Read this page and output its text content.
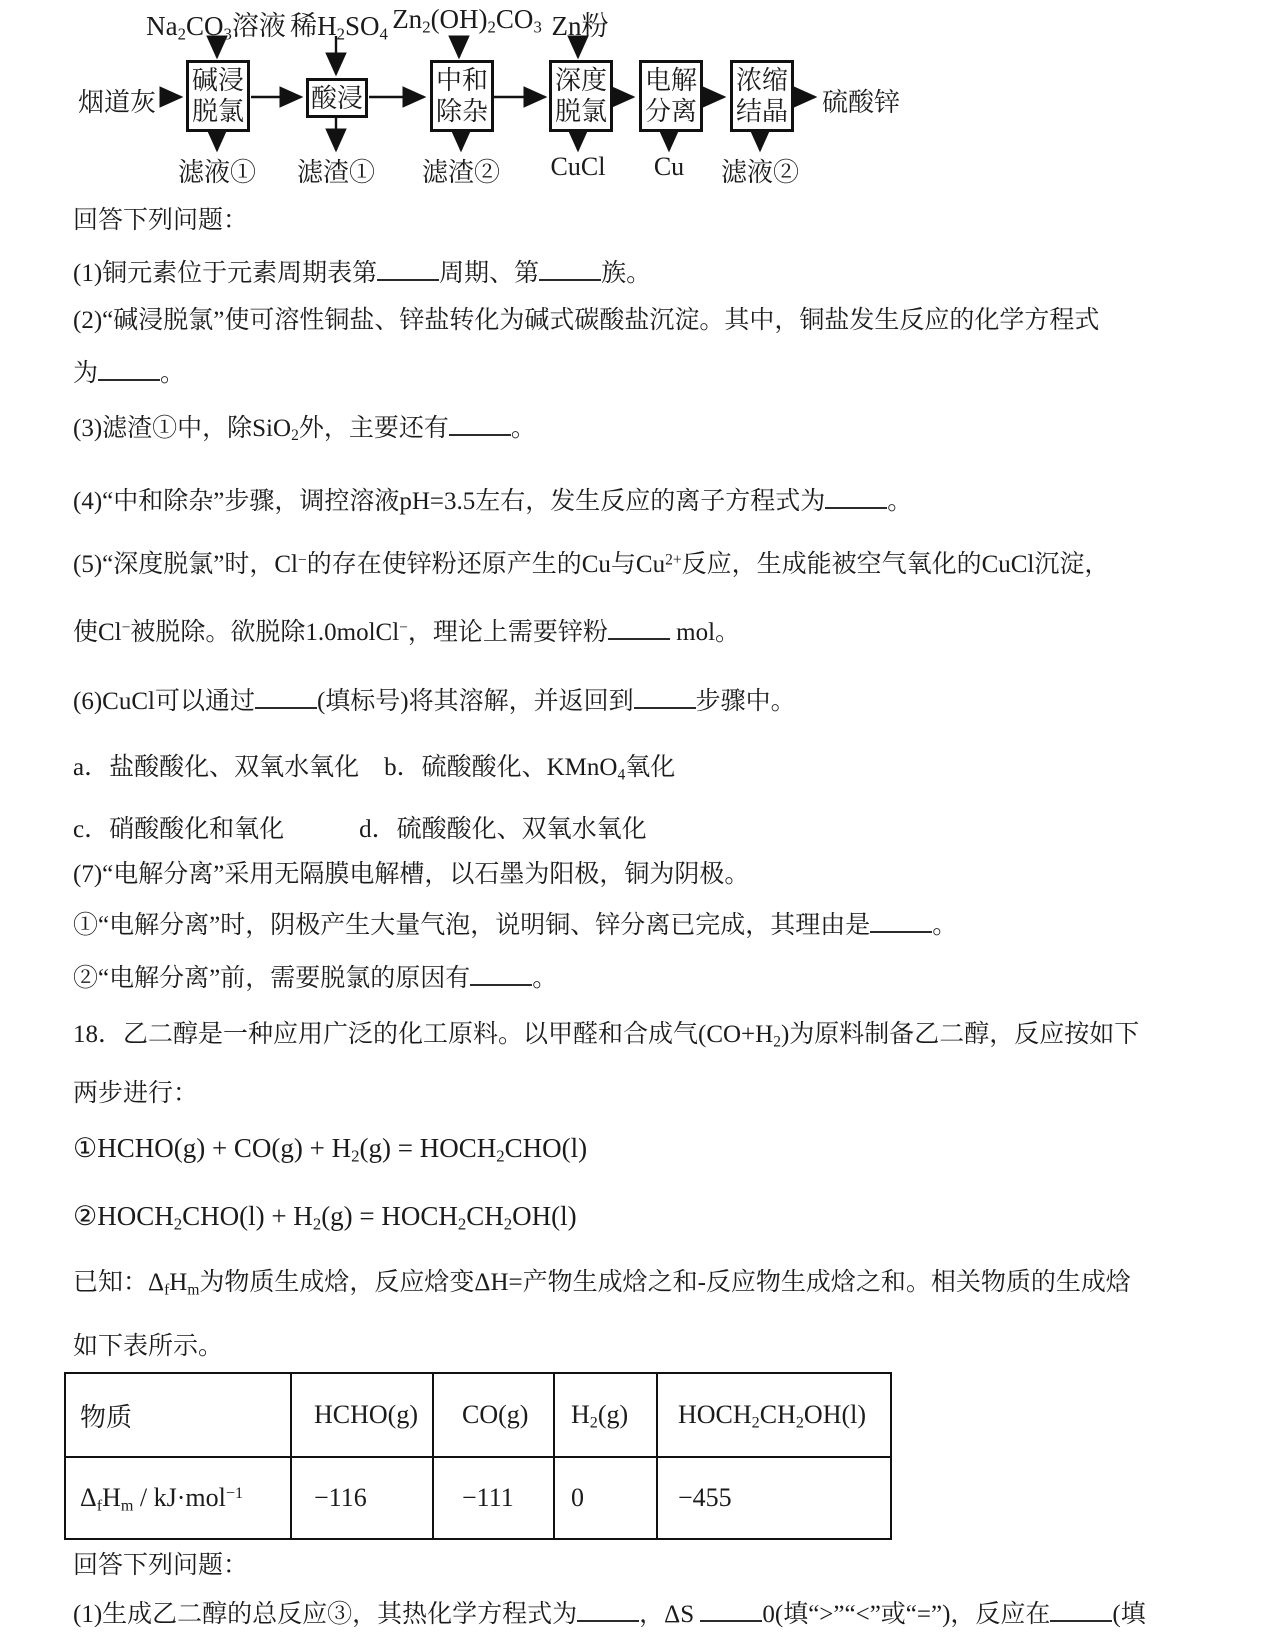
$Na_2CO_3$溶液 稀$H_2SO_4$
$Zn_2(OH)_2CO_3$ Zn粉
烟道灰
碱浸
脱氯	酸浸
中和
除杂
深度
脱氯
电解
分离
浓缩
结晶 硫酸锌
滤液① 滤渣① 滤渣② CuCl Cu 滤液②
回答下列问题：
(1)铜元素位于元素周期表第 周期、第 族。
(2)“碱浸脱氯”使可溶性铜盐、锌盐转化为碱式碳酸盐沉淀。其中，铜盐发生反应的化学方程式
为 。
(3)滤渣①中，除SiO$_2$外，主要还有 。
(4)“中和除杂”步骤，调控溶液pH=3.5左右，发生反应的离子方程式为 。
(5)“深度脱氯”时，Cl−的存在使锌粉还原产生的Cu与$Cu^{2+}$反应，生成能被空气氧化的CuCl沉淀，
使Cl−被脱除。欲脱除1.0molCl−，理论上需要锌粉 mol。
(6)CuCl可以通过 (填标号)将其溶解，并返回到 步骤中。
a．盐酸酸化、双氧水氧化　b．硫酸酸化、KMnO$_4$氧化
c．硝酸酸化和氧化　　　d．硫酸酸化、双氧水氧化
(7)“电解分离”采用无隔膜电解槽，以石墨为阳极，铜为阴极。
①“电解分离”时，阴极产生大量气泡，说明铜、锌分离已完成，其理由是 。
②“电解分离”前，需要脱氯的原因有 。
18．乙二醇是一种应用广泛的化工原料。以甲醛和合成气$(CO+H_2)$为原料制备乙二醇，反应按如下
两步进行：
①HCHO(g) + $CO(g) + H_2(g)$ = $HOCH_2CHO(l)$
$②HOCH_2CHO(l) + H_2(g)$ = $HOCH_2CH_2OH(l)$
已知：$\Delta_fH_m$为物质生成焓，反应焓变ΔH=产物生成焓之和-反应物生成焓之和。相关物质的生成焓
如下表所示。
物质	HCHO(g)	CO(g)	$H_2(g)$	$HOCH_2CH_2OH(l)$
$\Delta_fH_m / kJ\cdot mol^{-1}$	−116	−111	0	−455
回答下列问题：
(1)生成乙二醇的总反应③，其热化学方程式为 ，ΔS 0(填“>”“<”或“=”)，反应在 (填
